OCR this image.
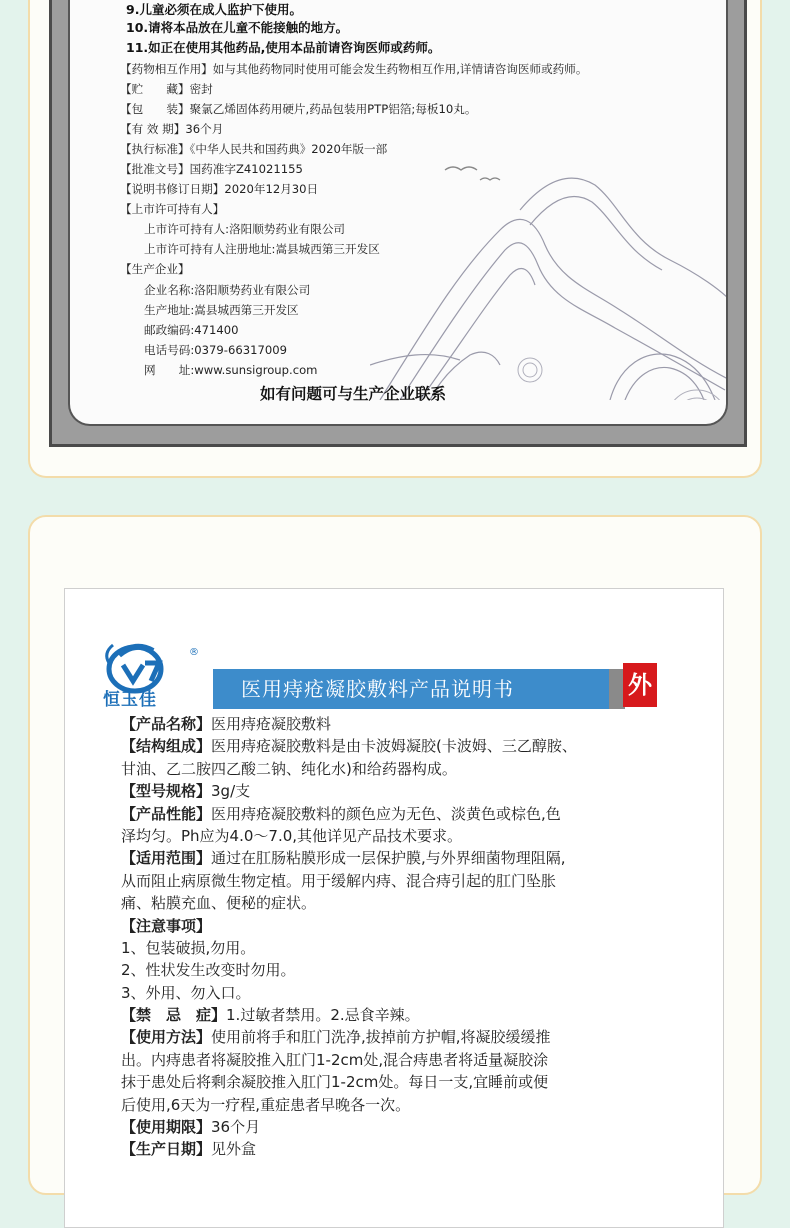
9.儿童必须在成人监护下使用。
10.请将本品放在儿童不能接触的地方。
11.如正在使用其他药品,使用本品前请咨询医师或药师。
【药物相互作用】如与其他药物同时使用可能会发生药物相互作用,详情请咨询医师或药师。
【贮　　藏】密封
【包　　装】聚氯乙烯固体药用硬片,药品包装用PTP铝箔;每板10丸。
【有 效 期】36个月
【执行标准】《中华人民共和国药典》2020年版一部
【批准文号】国药准字Z41021155
【说明书修订日期】2020年12月30日
【上市许可持有人】
上市许可持有人:洛阳顺势药业有限公司
上市许可持有人注册地址:嵩县城西第三开发区
【生产企业】
企业名称:洛阳顺势药业有限公司
生产地址:嵩县城西第三开发区
邮政编码:471400
电话号码:0379-66317009
网　　址:www.sunsigroup.com
如有问题可与生产企业联系
®
恒玉佳	医用痔疮凝胶敷料产品说明书	外
【产品名称】医用痔疮凝胶敷料
【结构组成】医用痔疮凝胶敷料是由卡波姆凝胶(卡波姆、三乙醇胺、
甘油、乙二胺四乙酸二钠、纯化水)和给药器构成。
【型号规格】3g/支
【产品性能】医用痔疮凝胶敷料的颜色应为无色、淡黄色或棕色,色
泽均匀。Ph应为4.0～7.0,其他详见产品技术要求。
【适用范围】通过在肛肠粘膜形成一层保护膜,与外界细菌物理阻隔,
从而阻止病原微生物定植。用于缓解内痔、混合痔引起的肛门坠胀
痛、粘膜充血、便秘的症状。
【注意事项】
1、包装破损,勿用。
2、性状发生改变时勿用。
3、外用、勿入口。
【禁　忌　症】1.过敏者禁用。2.忌食辛辣。
【使用方法】使用前将手和肛门洗净,拔掉前方护帽,将凝胶缓缓推
出。内痔患者将凝胶推入肛门1-2cm处,混合痔患者将适量凝胶涂
抹于患处后将剩余凝胶推入肛门1-2cm处。每日一支,宜睡前或便
后使用,6天为一疗程,重症患者早晚各一次。
【使用期限】36个月
【生产日期】见外盒
